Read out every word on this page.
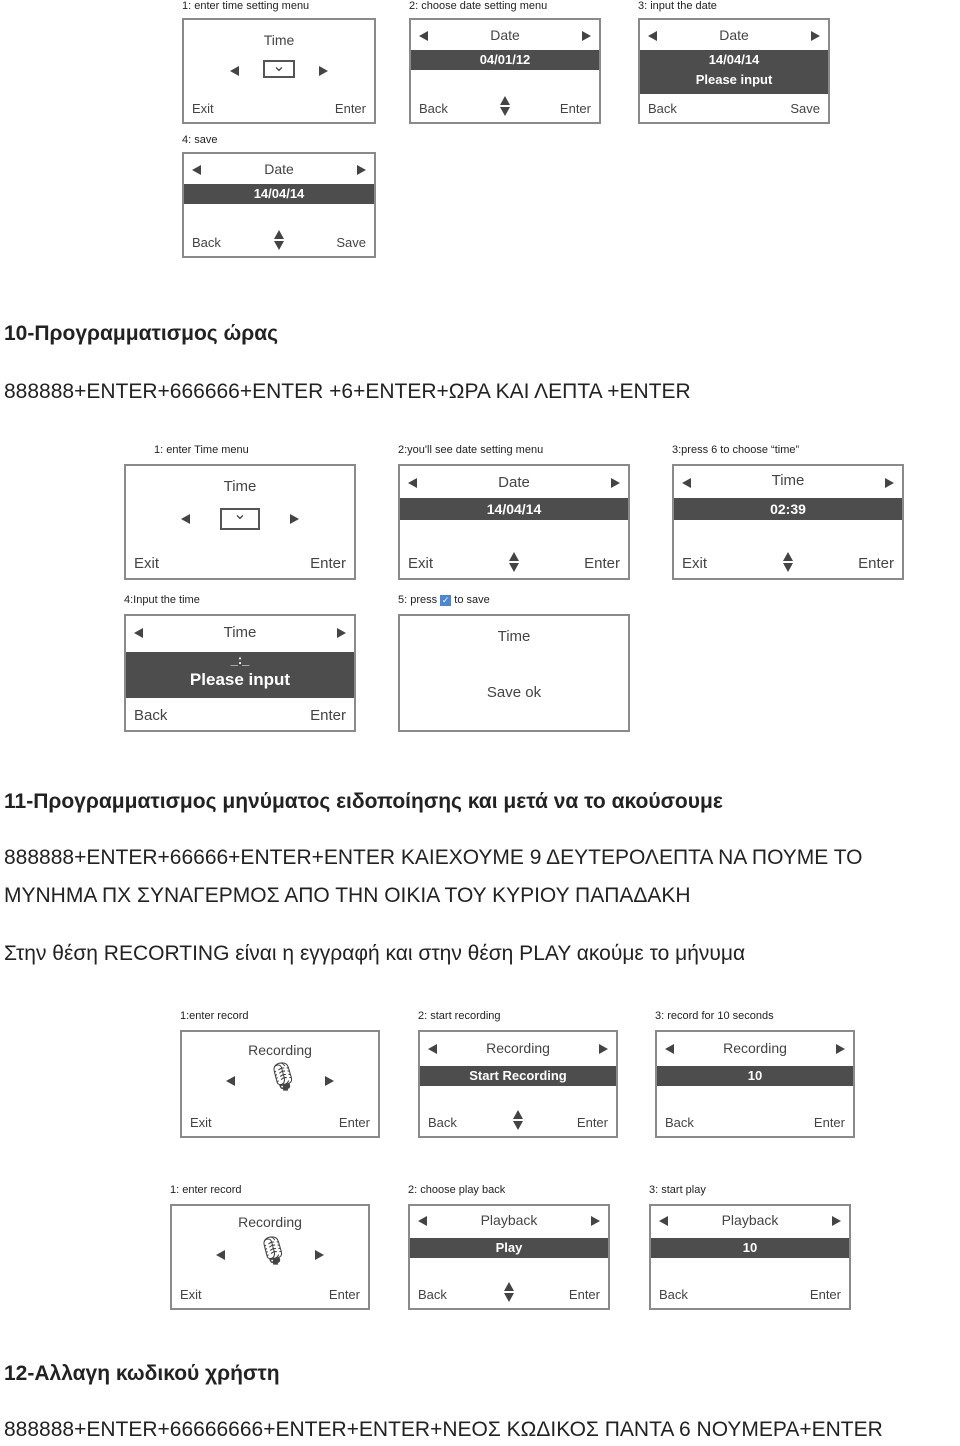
1: enter time setting menu
Time
⌄
Exit	Enter
2: choose date setting menu
Date
04/01/12
Back	Enter
3: input the date
Date
14/04/14
Please input
Back	Save
4: save
Date
14/04/14
Back	Save
10-Προγραμματισμος ώρας
888888+ENTER+666666+ENTER +6+ENTER+ΩΡΑ ΚΑΙ ΛΕΠΤΑ +ENTER
1: enter Time menu
Time
⌄
Exit	Enter
2:you'll see date setting menu
Date
14/04/14
Exit	Enter
3:press 6 to choose “time”
Time
02:39
Exit	Enter
4:Input the time
Time
_:_
Please input
Back	Enter
5: press ✓ to save
Time
Save ok
11-Προγραμματισμος μηνύματος ειδοποίησης και μετά να το ακούσουμε
888888+ENTER+66666+ENTER+ENTER ΚΑΙΕΧΟΥΜΕ 9 ΔΕΥΤΕΡΟΛΕΠΤΑ ΝΑ ΠΟΥΜΕ ΤΟ
ΜΥΝΗΜΑ ΠΧ ΣΥΝΑΓΕΡΜΟΣ ΑΠΟ ΤΗΝ ΟΙΚΙΑ ΤΟΥ ΚΥΡΙΟΥ ΠΑΠΑΔΑΚΗ
Στην θέση RECORTING είναι η εγγραφή και στην θέση PLAY ακούμε το μήνυμα
1:enter record
Recording
🎙
Exit	Enter
2: start recording
Recording
Start Recording
Back	Enter
3: record for 10 seconds
Recording
10
Back	Enter
1: enter record
Recording
🎙
Exit	Enter
2: choose play back
Playback
Play
Back	Enter
3: start play
Playback
10
Back	Enter
12-Αλλαγη κωδικού χρήστη
888888+ENTER+66666666+ENTER+ENTER+ΝΕΟΣ ΚΩΔΙΚΟΣ ΠΑΝΤΑ 6 ΝΟΥΜΕΡΑ+ENTER
